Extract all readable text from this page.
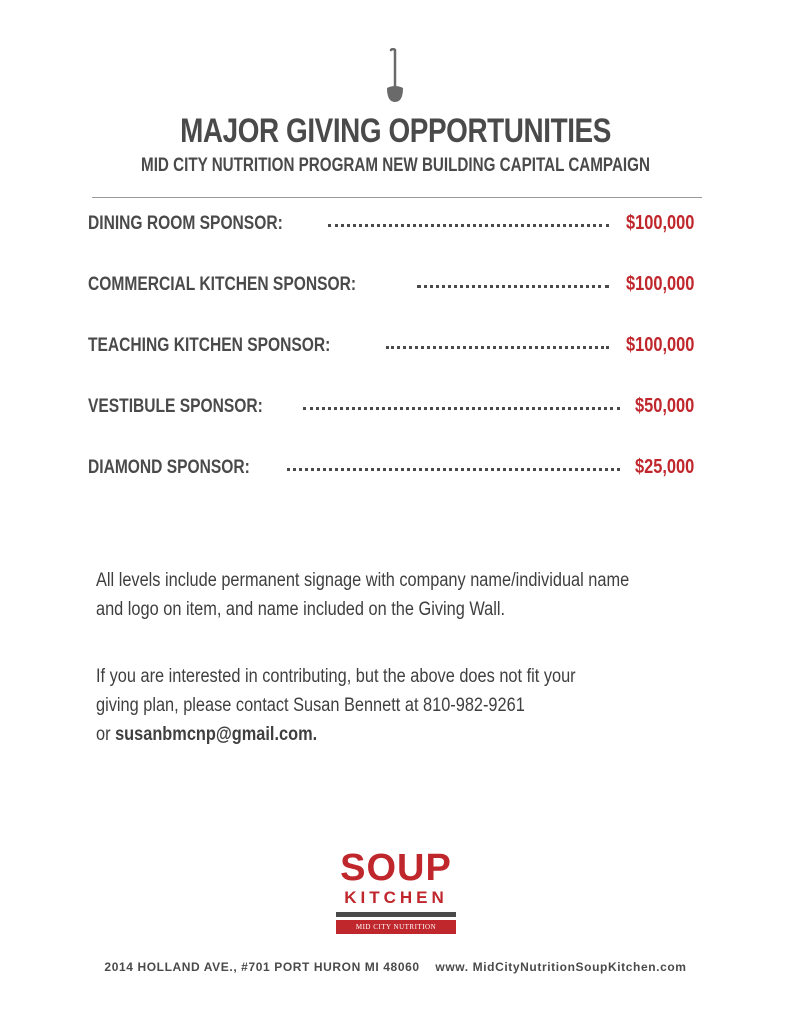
MAJOR GIVING OPPORTUNITIES
MID CITY NUTRITION PROGRAM NEW BUILDING CAPITAL CAMPAIGN
DINING ROOM SPONSOR:	$100,000
COMMERCIAL KITCHEN SPONSOR:	$100,000
TEACHING KITCHEN SPONSOR:	$100,000
VESTIBULE SPONSOR:	$50,000
DIAMOND SPONSOR:	$25,000
All levels include permanent signage with company name/individual name
and logo on item, and name included on the Giving Wall.
If you are interested in contributing, but the above does not fit your
giving plan, please contact Susan Bennett at 810-982-9261
or susanbmcnp@gmail.com.
SOUP
KITCHEN
MID CITY NUTRITION PROGRAM
2014 HOLLAND AVE., #701 PORT HURON MI 48060 www. MidCityNutritionSoupKitchen.com
